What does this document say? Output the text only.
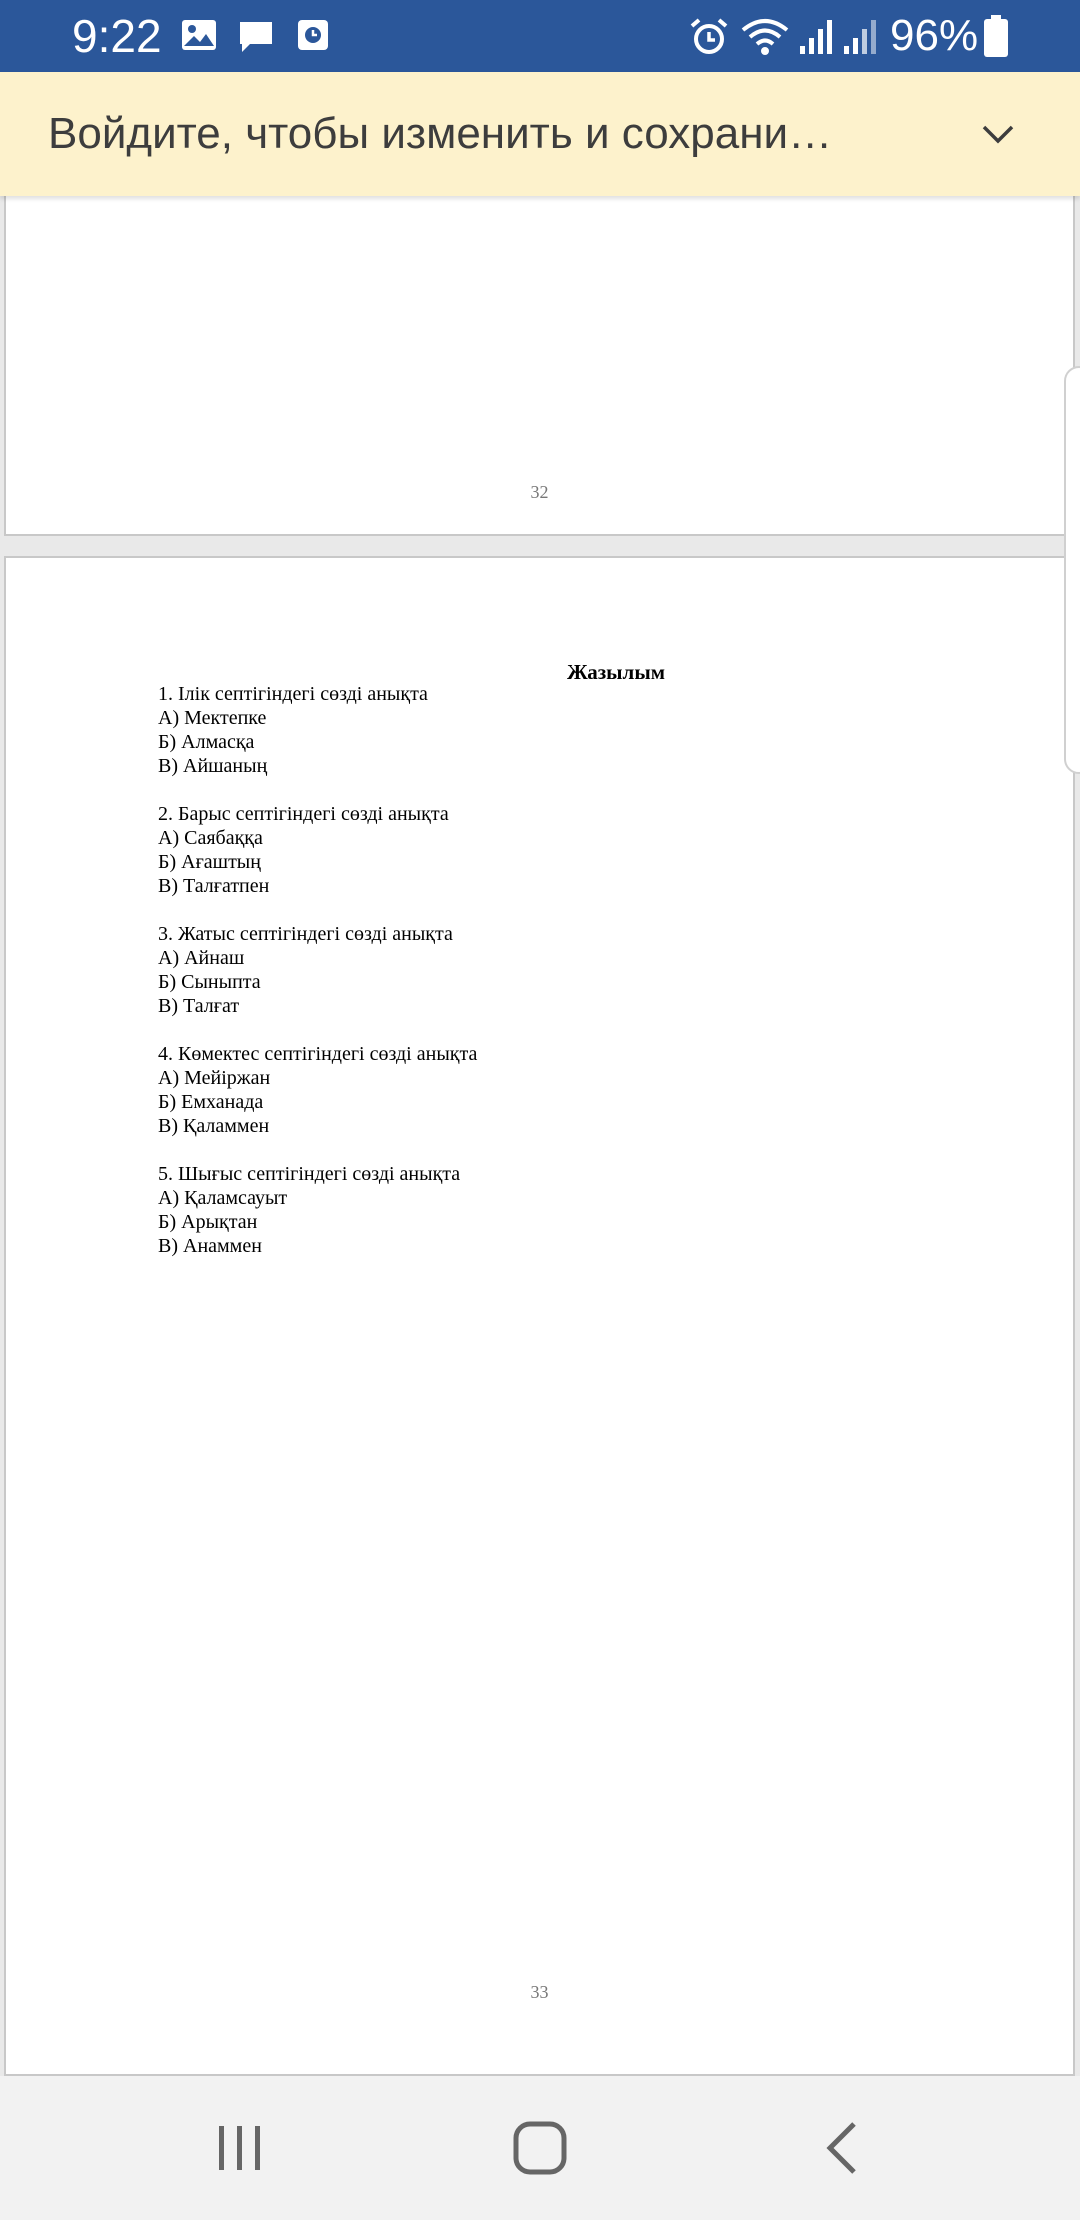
9:22	96%
Войдите, чтобы изменить и сохрани…
32
Жазылым
1. Ілік септігіндегі сөзді анықта
А) Мектепке
Б) Алмасқа
В) Айшаның
2. Барыс септігіндегі сөзді анықта
А) Саябаққа
Б) Ағаштың
В) Талғатпен
3. Жатыс септігіндегі сөзді анықта
А) Айнаш
Б) Сыныпта
В) Талғат
4. Көмектес септігіндегі сөзді анықта
А) Мейіржан
Б) Емханада
В) Қаламмен
5. Шығыс септігіндегі сөзді анықта
А) Қаламсауыт
Б) Арықтан
В) Анаммен
33
